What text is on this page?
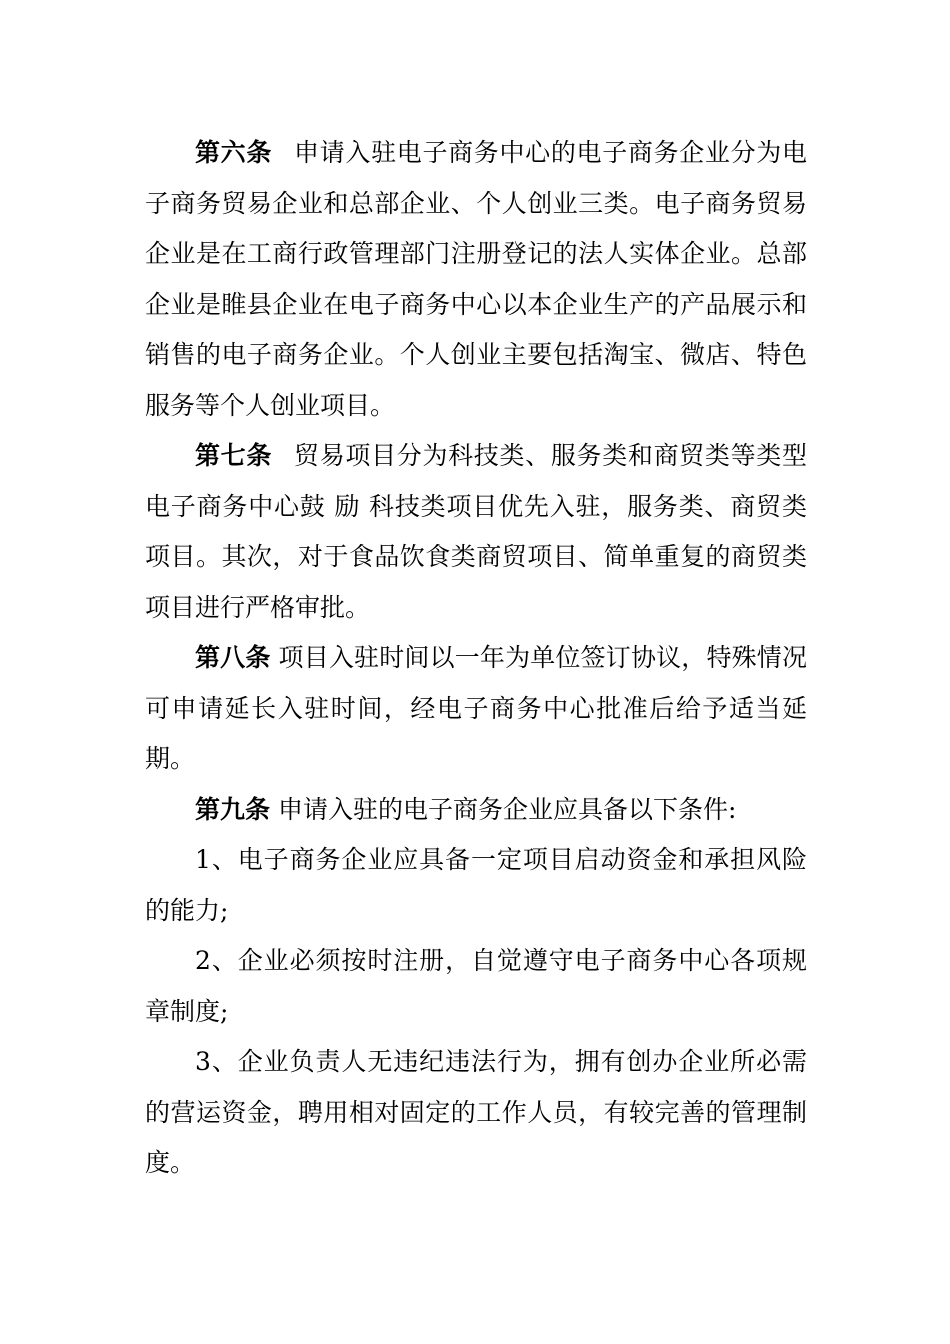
第六条 申请入驻电子商务中心的电子商务企业分为电子商务贸易企业和总部企业、个人创业三类。电子商务贸易企业是在工商行政管理部门注册登记的法人实体企业。总部企业是睢县企业在电子商务中心以本企业生产的产品展示和销售的电子商务企业。个人创业主要包括淘宝、微店、特色服务等个人创业项目。

第七条 贸易项目分为科技类、服务类和商贸类等类型电子商务中心鼓 励 科技类项目优先入驻，服务类、商贸类项目。其次，对于食品饮食类商贸项目、简单重复的商贸类项目进行严格审批。

第八条 项目入驻时间以一年为单位签订协议，特殊情况可申请延长入驻时间，经电子商务中心批准后给予适当延期。

第九条 申请入驻的电子商务企业应具备以下条件:

1、电子商务企业应具备一定项目启动资金和承担风险的能力;

2、企业必须按时注册，自觉遵守电子商务中心各项规章制度;

3、企业负责人无违纪违法行为，拥有创办企业所必需的营运资金，聘用相对固定的工作人员，有较完善的管理制度。
